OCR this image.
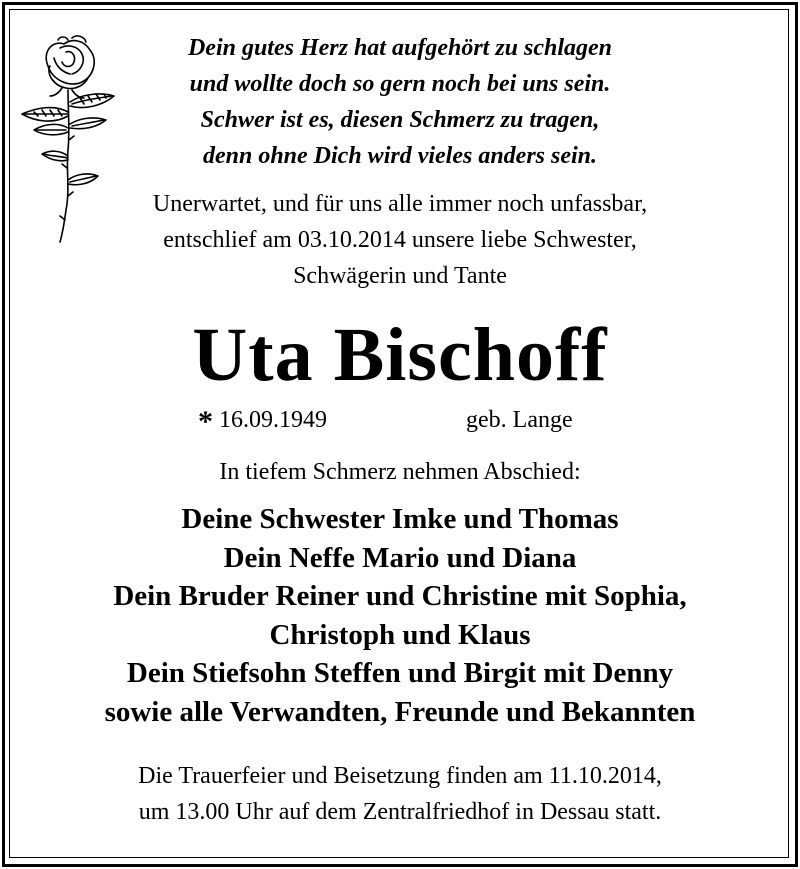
Dein gutes Herz hat aufgehört zu schlagen
und wollte doch so gern noch bei uns sein.
Schwer ist es, diesen Schmerz zu tragen,
denn ohne Dich wird vieles anders sein.
Unerwartet, und für uns alle immer noch unfassbar,
entschlief am 03.10.2014 unsere liebe Schwester,
Schwägerin und Tante
Uta Bischoff
* 16.09.1949	geb. Lange
In tiefem Schmerz nehmen Abschied:
Deine Schwester Imke und Thomas
Dein Neffe Mario und Diana
Dein Bruder Reiner und Christine mit Sophia,
Christoph und Klaus
Dein Stiefsohn Steffen und Birgit mit Denny
sowie alle Verwandten, Freunde und Bekannten
Die Trauerfeier und Beisetzung finden am 11.10.2014,
um 13.00 Uhr auf dem Zentralfriedhof in Dessau statt.
